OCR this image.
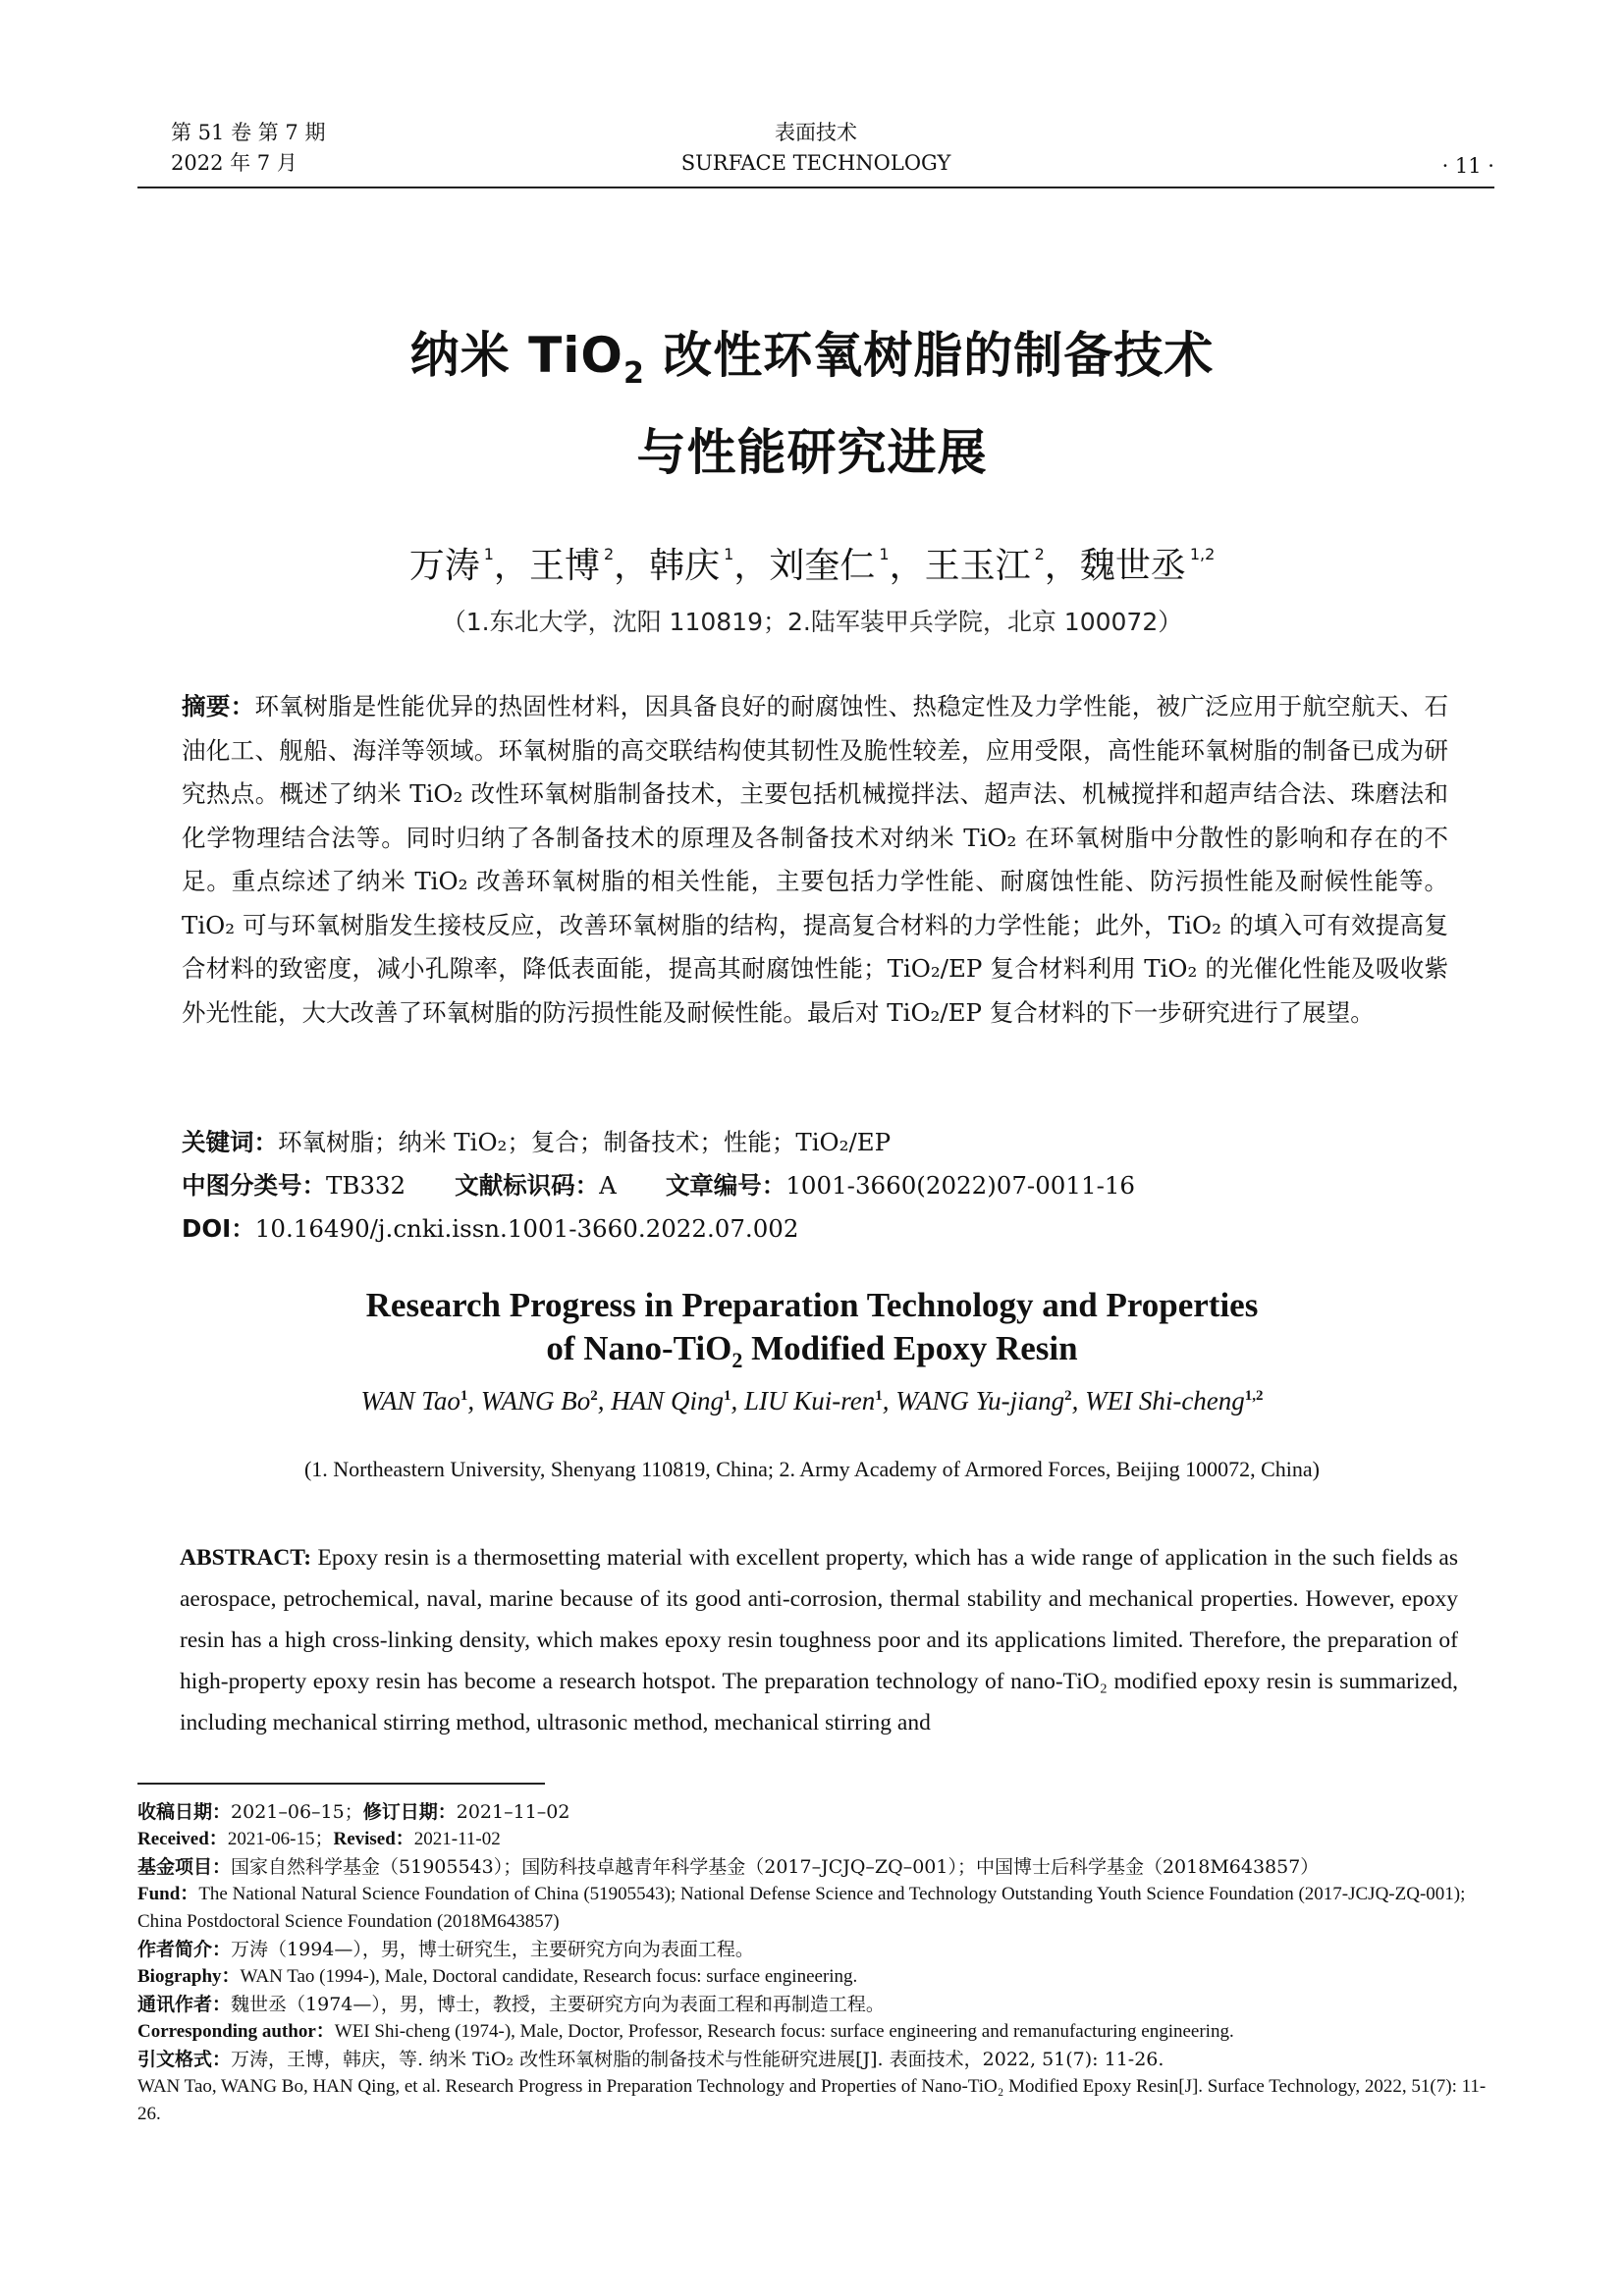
第 51 卷 第 7 期
2022 年 7 月
表面技术
SURFACE TECHNOLOGY	· 11 ·
纳米 TiO$_2$ 改性环氧树脂的制备技术
与性能研究进展
万涛 $^1$，王博 $^2$，韩庆 $^1$，刘奎仁 $^1$，王玉江 $^2$，魏世丞 $^{1,2}$
（1.东北大学，沈阳 110819；2.陆军装甲兵学院，北京 100072）
摘要：环氧树脂是性能优异的热固性材料，因具备良好的耐腐蚀性、热稳定性及力学性能，被广泛应用于航空航天、石油化工、舰船、海洋等领域。环氧树脂的高交联结构使其韧性及脆性较差，应用受限，高性能环氧树脂的制备已成为研究热点。概述了纳米 TiO₂ 改性环氧树脂制备技术，主要包括机械搅拌法、超声法、机械搅拌和超声结合法、珠磨法和化学物理结合法等。同时归纳了各制备技术的原理及各制备技术对纳米 TiO₂ 在环氧树脂中分散性的影响和存在的不足。重点综述了纳米 TiO₂ 改善环氧树脂的相关性能，主要包括力学性能、耐腐蚀性能、防污损性能及耐候性能等。TiO₂ 可与环氧树脂发生接枝反应，改善环氧树脂的结构，提高复合材料的力学性能；此外，TiO₂ 的填入可有效提高复合材料的致密度，减小孔隙率，降低表面能，提高其耐腐蚀性能；TiO₂/EP 复合材料利用 TiO₂ 的光催化性能及吸收紫外光性能，大大改善了环氧树脂的防污损性能及耐候性能。最后对 TiO₂/EP 复合材料的下一步研究进行了展望。
关键词：环氧树脂；纳米 TiO₂；复合；制备技术；性能；TiO₂/EP
中图分类号：TB332 文献标识码：A 文章编号：1001-3660(2022)07-0011-16
DOI：10.16490/j.cnki.issn.1001-3660.2022.07.002
Research Progress in Preparation Technology and Properties
of Nano-TiO$_2$ Modified Epoxy Resin
WAN Tao$^1$, WANG Bo$^2$, HAN Qing$^1$, LIU Kui-ren$^1$, WANG Yu-jiang$^2$, WEI Shi-cheng$^{1,2}$
(1. Northeastern University, Shenyang 110819, China; 2. Army Academy of Armored Forces, Beijing 100072, China)
ABSTRACT: Epoxy resin is a thermosetting material with excellent property, which has a wide range of application in the such fields as aerospace, petrochemical, naval, marine because of its good anti-corrosion, thermal stability and mechanical properties. However, epoxy resin has a high cross-linking density, which makes epoxy resin toughness poor and its applications limited. Therefore, the preparation of high-property epoxy resin has become a research hotspot. The preparation technology of nano-TiO₂ modified epoxy resin is summarized, including mechanical stirring method, ultrasonic method, mechanical stirring and
收稿日期：2021–06–15；修订日期：2021–11–02
Received：2021-06-15；Revised：2021-11-02
基金项目：国家自然科学基金（51905543）；国防科技卓越青年科学基金（2017–JCJQ–ZQ–001）；中国博士后科学基金（2018M643857）
Fund：The National Natural Science Foundation of China (51905543); National Defense Science and Technology Outstanding Youth Science Foundation (2017-JCJQ-ZQ-001); China Postdoctoral Science Foundation (2018M643857)
作者简介：万涛（1994—），男，博士研究生，主要研究方向为表面工程。
Biography：WAN Tao (1994-), Male, Doctoral candidate, Research focus: surface engineering.
通讯作者：魏世丞（1974—），男，博士，教授，主要研究方向为表面工程和再制造工程。
Corresponding author：WEI Shi-cheng (1974-), Male, Doctor, Professor, Research focus: surface engineering and remanufacturing engineering.
引文格式：万涛，王博，韩庆，等. 纳米 TiO₂ 改性环氧树脂的制备技术与性能研究进展[J]. 表面技术，2022, 51(7): 11-26.
WAN Tao, WANG Bo, HAN Qing, et al. Research Progress in Preparation Technology and Properties of Nano-TiO₂ Modified Epoxy Resin[J]. Surface Technology, 2022, 51(7): 11-26.
